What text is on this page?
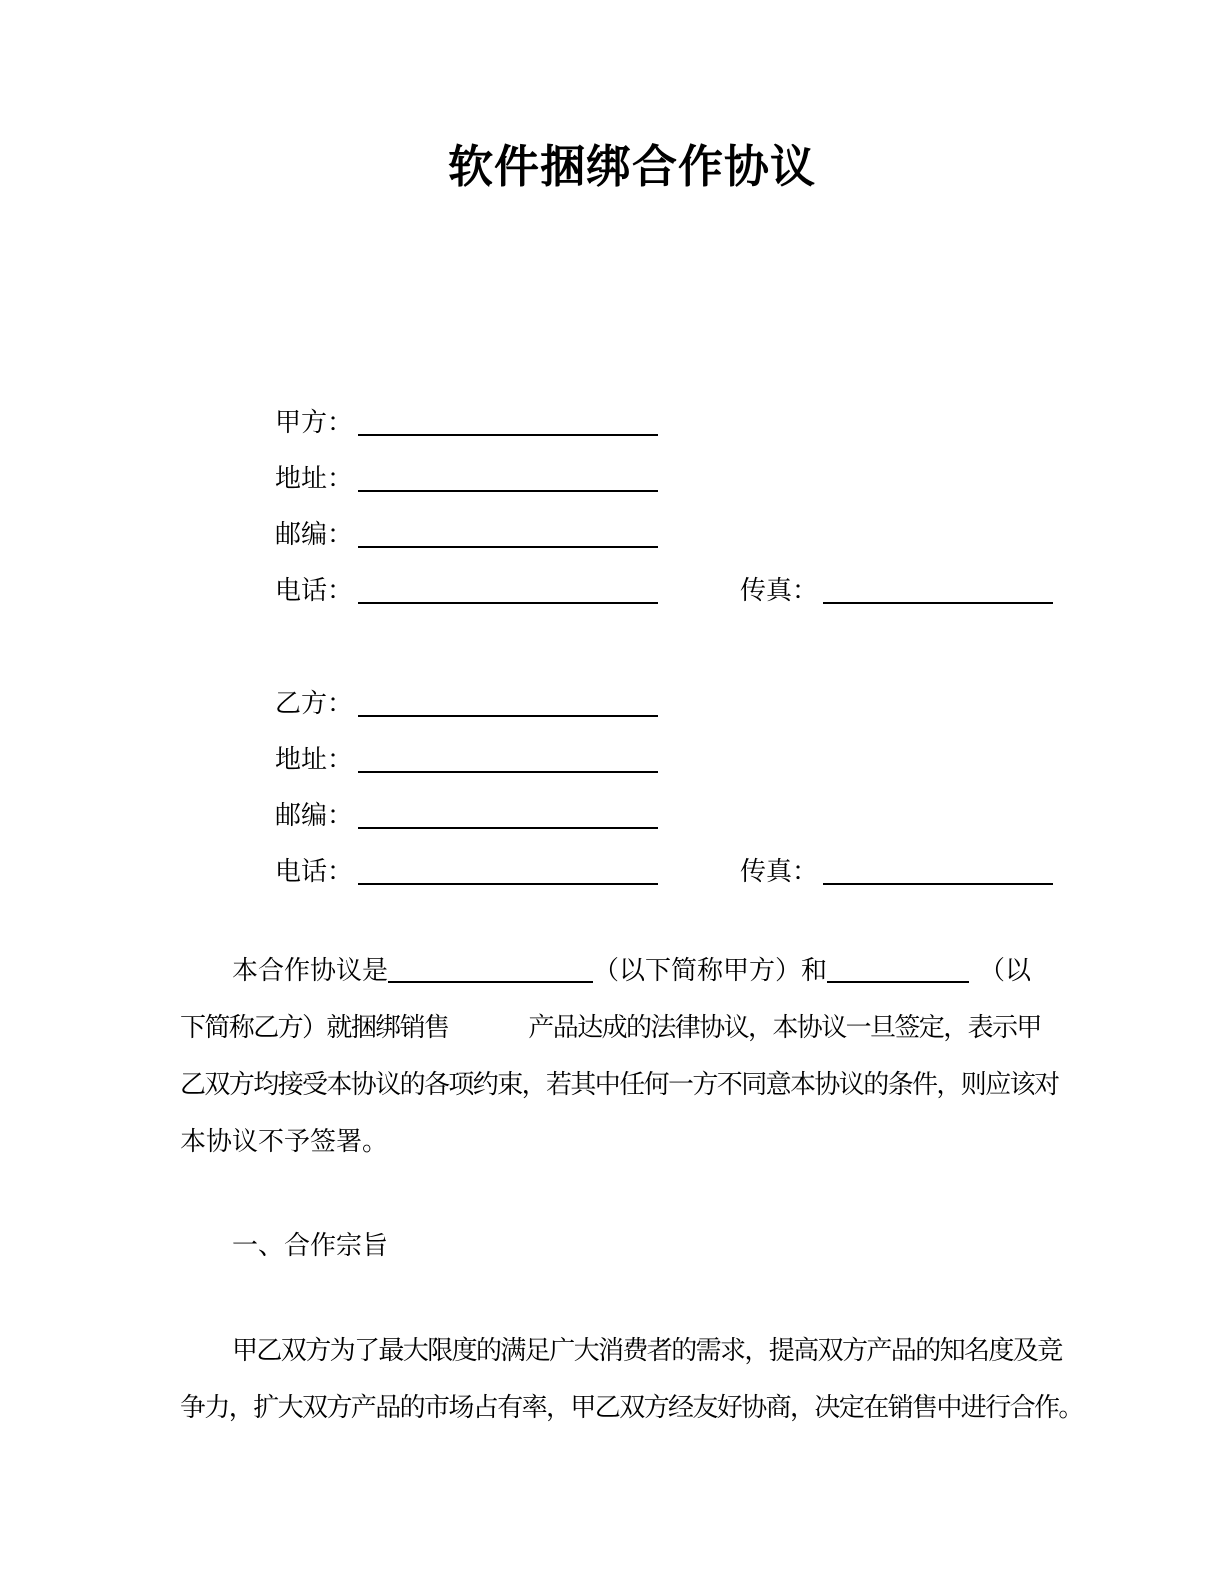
软件捆绑合作协议
甲方：
地址：
邮编：
电话：	传真：
乙方：
地址：
邮编：
电话：	传真：
本合作协议是	（以下简称甲方）和	（以
下简称乙方）就捆绑销售	产品达成的法律协议，本协议一旦签定，表示甲
乙双方均接受本协议的各项约束，若其中任何一方不同意本协议的条件，则应该对
本协议不予签署。
一、合作宗旨
甲乙双方为了最大限度的满足广大消费者的需求，提高双方产品的知名度及竞
争力，扩大双方产品的市场占有率，甲乙双方经友好协商，决定在销售中进行合作。
